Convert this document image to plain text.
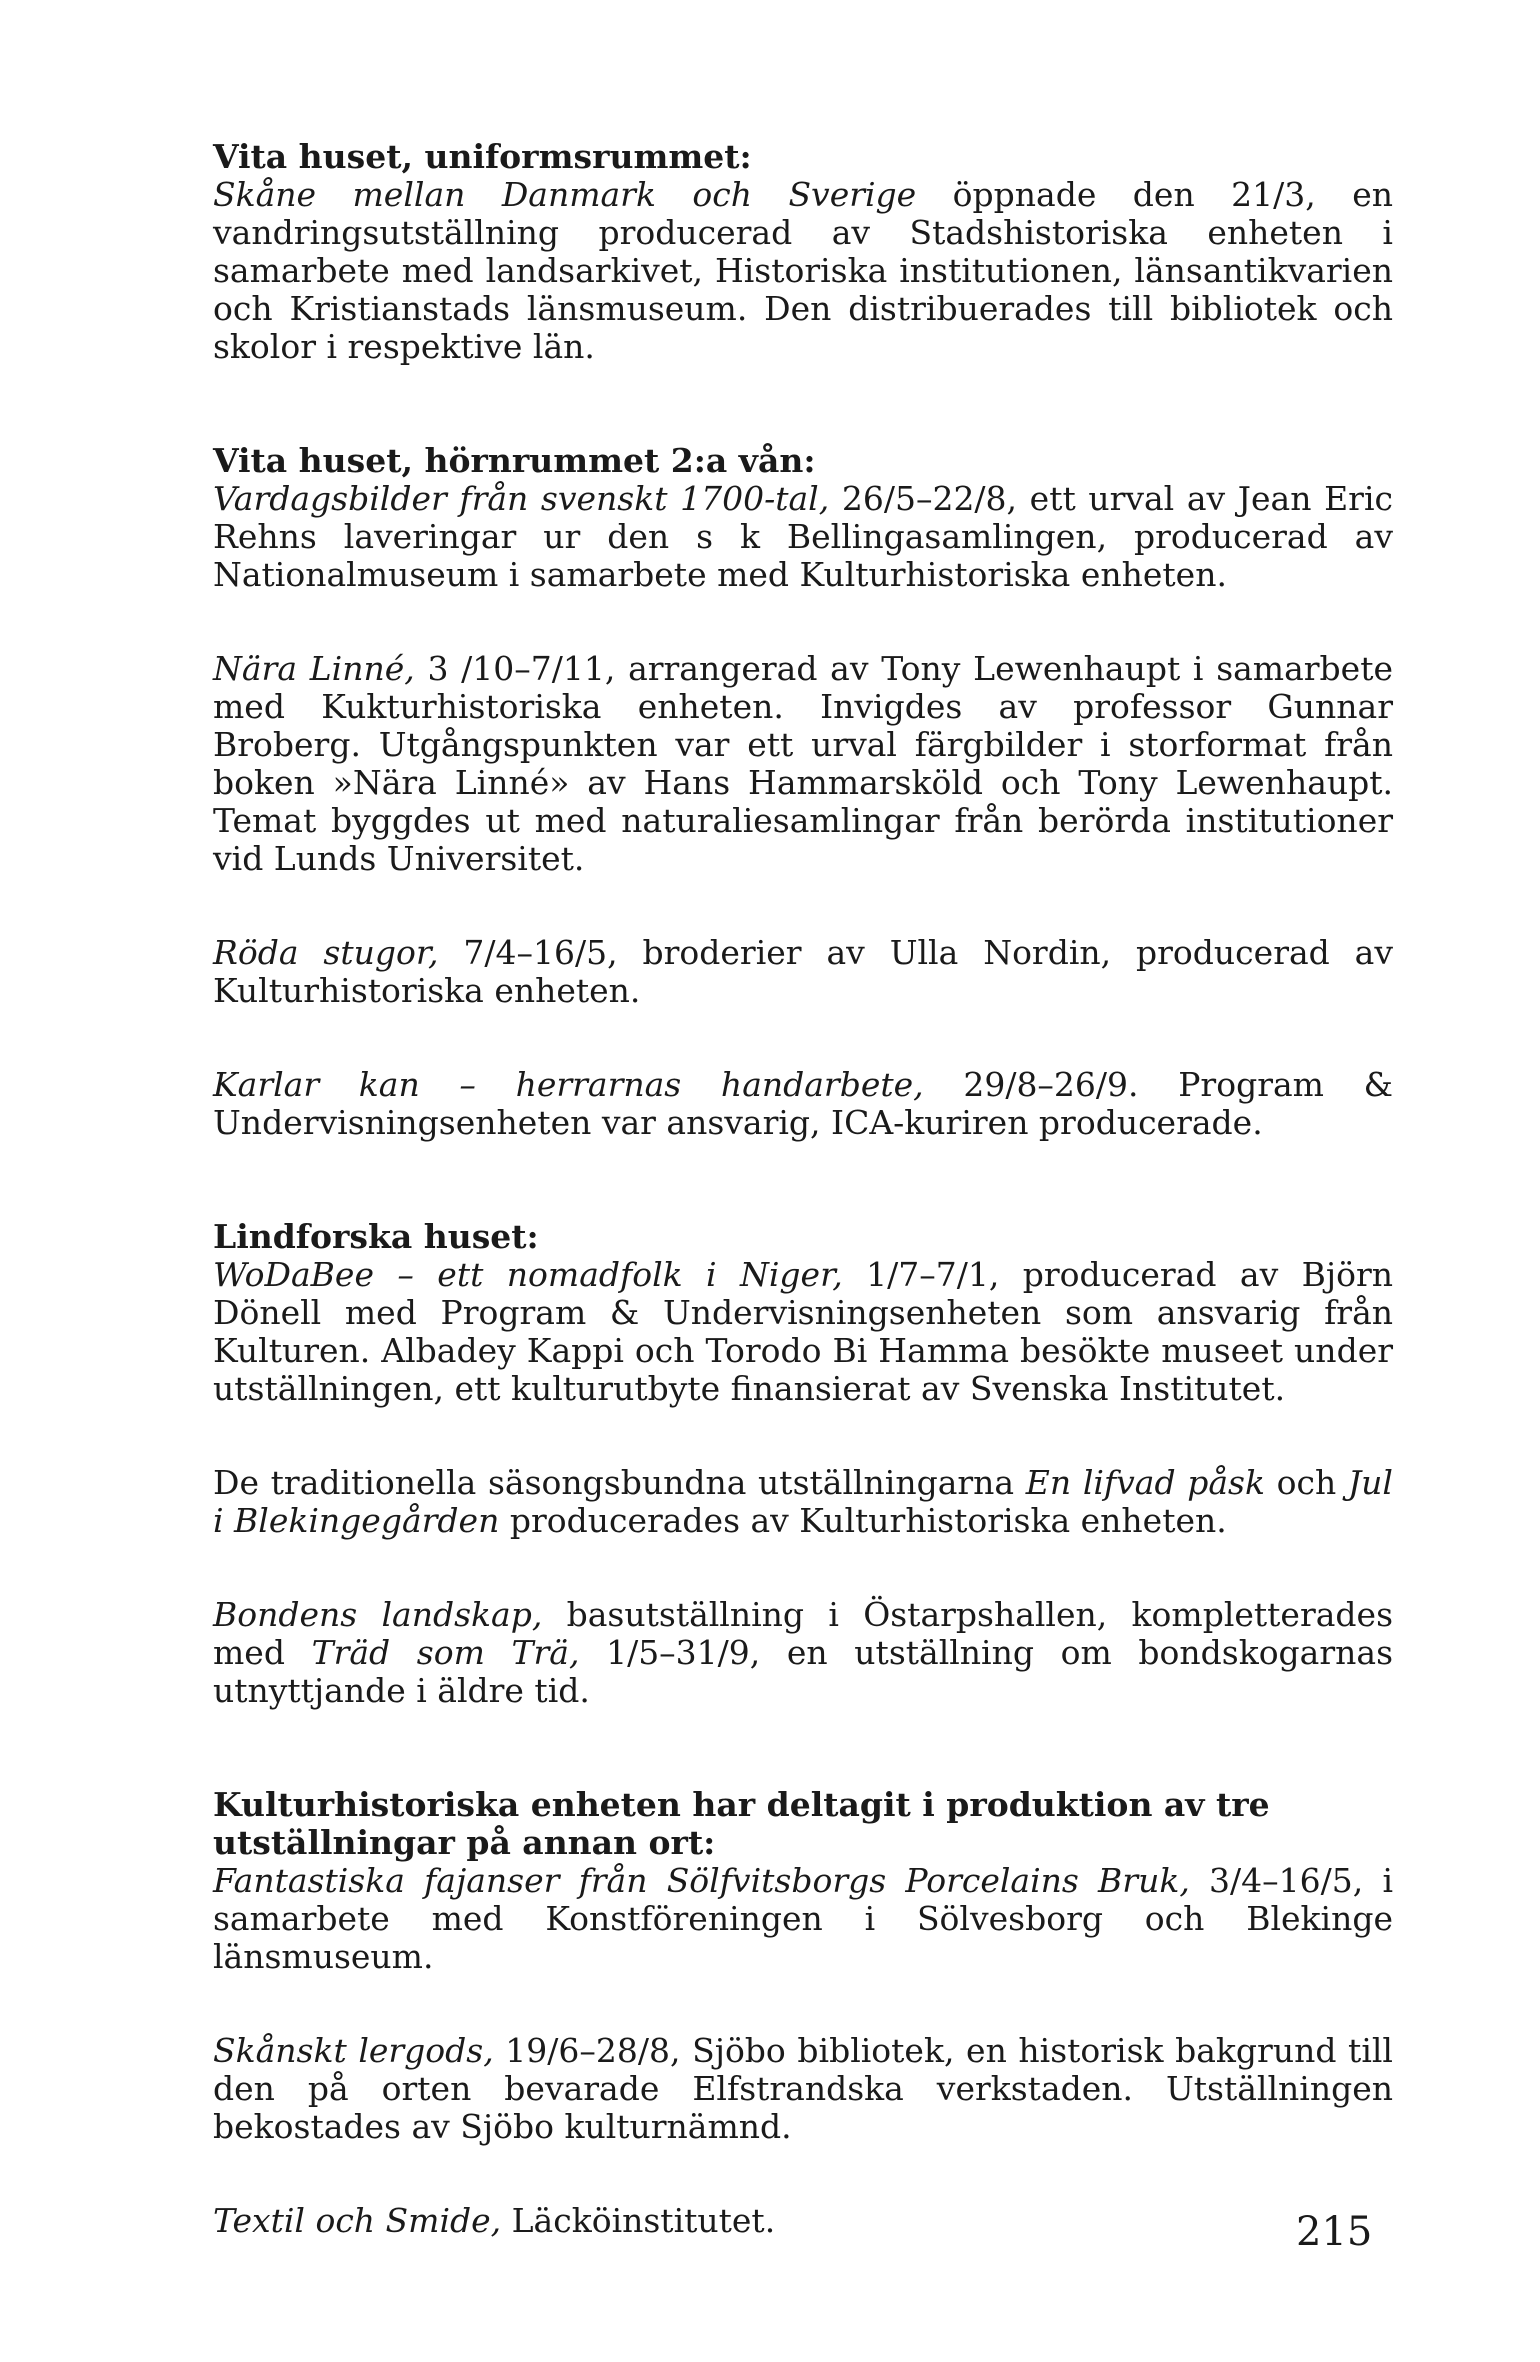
Vita huset, uniformsrummet:

Skåne mellan Danmark och Sverige öppnade den 21/3, en vandringsutställning producerad av Stadshistoriska enheten i samarbete med landsarkivet, Historiska institutionen, länsantikvarien och Kristianstads länsmuseum. Den distribuerades till bibliotek och skolor i respektive län.

Vita huset, hörnrummet 2:a vån:

Vardagsbilder från svenskt 1700-tal, 26/5–22/8, ett urval av Jean Eric Rehns laveringar ur den s k Bellingasamlingen, producerad av Nationalmuseum i samarbete med Kulturhistoriska enheten.

Nära Linné, 3 /10–7/11, arrangerad av Tony Lewenhaupt i samarbete med Kukturhistoriska enheten. Invigdes av professor Gunnar Broberg. Utgångspunkten var ett urval färgbilder i storformat från boken »Nära Linné» av Hans Hammarsköld och Tony Lewenhaupt. Temat byggdes ut med naturaliesamlingar från berörda institutioner vid Lunds Universitet.

Röda stugor, 7/4–16/5, broderier av Ulla Nordin, producerad av Kulturhistoriska enheten.

Karlar kan – herrarnas handarbete, 29/8–26/9. Program & Undervisningsenheten var ansvarig, ICA-kuriren producerade.

Lindforska huset:

WoDaBee – ett nomadfolk i Niger, 1/7–7/1, producerad av Björn Dönell med Program & Undervisningsenheten som ansvarig från Kulturen. Albadey Kappi och Torodo Bi Hamma besökte museet under utställningen, ett kulturutbyte finansierat av Svenska Institutet.

De traditionella säsongsbundna utställningarna En lifvad påsk och Jul i Blekingegården producerades av Kulturhistoriska enheten.

Bondens landskap, basutställning i Östarpshallen, kompletterades med Träd som Trä, 1/5–31/9, en utställning om bondskogarnas utnyttjande i äldre tid.

Kulturhistoriska enheten har deltagit i produktion av tre utställningar på annan ort:

Fantastiska fajanser från Sölfvitsborgs Porcelains Bruk, 3/4–16/5, i samarbete med Konstföreningen i Sölvesborg och Blekinge länsmuseum.

Skånskt lergods, 19/6–28/8, Sjöbo bibliotek, en historisk bakgrund till den på orten bevarade Elfstrandska verkstaden. Utställningen bekostades av Sjöbo kulturnämnd.

Textil och Smide, Läcköinstitutet.	215
